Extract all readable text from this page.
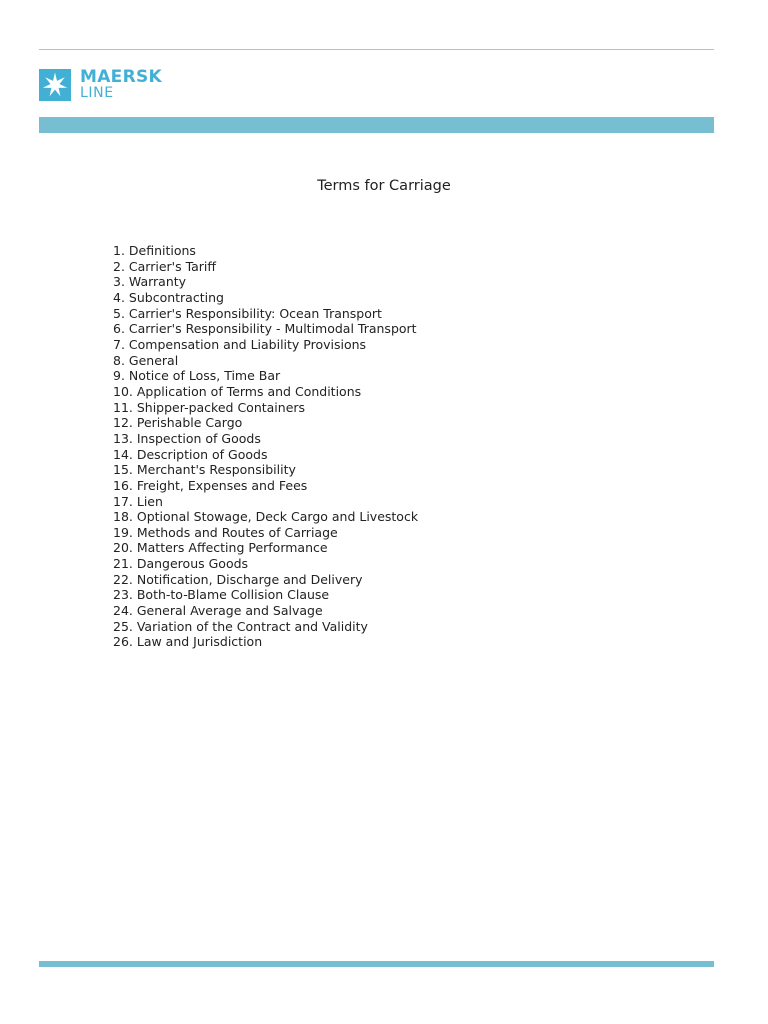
MAERSK
LINE
Terms for Carriage
1. Definitions
2. Carrier's Tariff
3. Warranty
4. Subcontracting
5. Carrier's Responsibility: Ocean Transport
6. Carrier's Responsibility - Multimodal Transport
7. Compensation and Liability Provisions
8. General
9. Notice of Loss, Time Bar
10. Application of Terms and Conditions
11. Shipper-packed Containers
12. Perishable Cargo
13. Inspection of Goods
14. Description of Goods
15. Merchant's Responsibility
16. Freight, Expenses and Fees
17. Lien
18. Optional Stowage, Deck Cargo and Livestock
19. Methods and Routes of Carriage
20. Matters Affecting Performance
21. Dangerous Goods
22. Notification, Discharge and Delivery
23. Both-to-Blame Collision Clause
24. General Average and Salvage
25. Variation of the Contract and Validity
26. Law and Jurisdiction
